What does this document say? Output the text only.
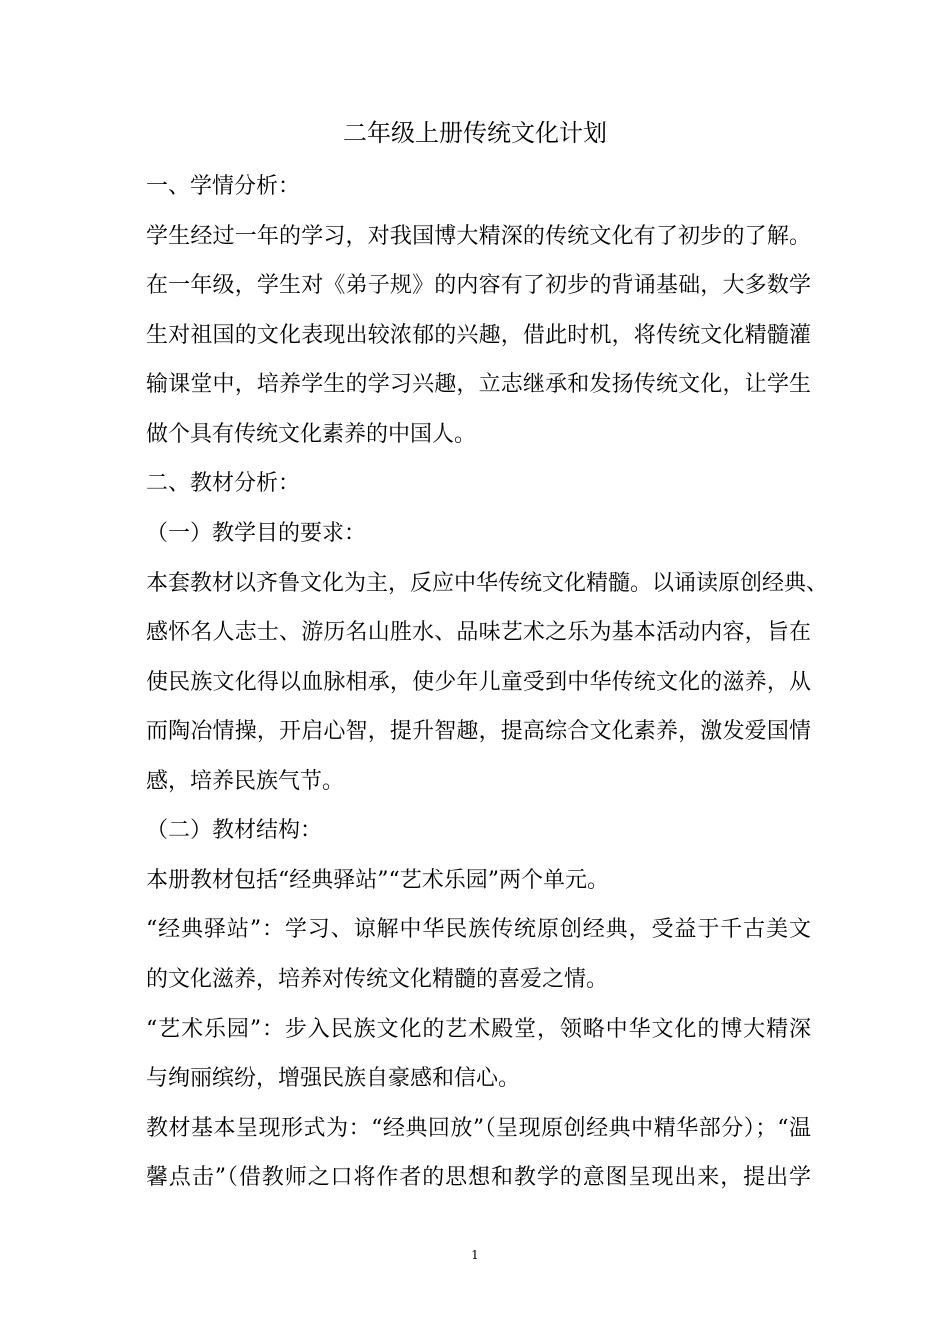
二年级上册传统文化计划
一、学情分析：
学生经过一年的学习，对我国博大精深的传统文化有了初步的了解。
在一年级，学生对《弟子规》的内容有了初步的背诵基础，大多数学
生对祖国的文化表现出较浓郁的兴趣，借此时机，将传统文化精髓灌
输课堂中，培养学生的学习兴趣，立志继承和发扬传统文化，让学生
做个具有传统文化素养的中国人。
二、教材分析：
（一）教学目的要求：
本套教材以齐鲁文化为主，反应中华传统文化精髓。以诵读原创经典、
感怀名人志士、游历名山胜水、品味艺术之乐为基本活动内容，旨在
使民族文化得以血脉相承，使少年儿童受到中华传统文化的滋养，从
而陶冶情操，开启心智，提升智趣，提高综合文化素养，激发爱国情
感，培养民族气节。
（二）教材结构：
本册教材包括“经典驿站”“艺术乐园”两个单元。
“经典驿站”：学习、谅解中华民族传统原创经典，受益于千古美文
的文化滋养，培养对传统文化精髓的喜爱之情。
“艺术乐园”：步入民族文化的艺术殿堂，领略中华文化的博大精深
与绚丽缤纷，增强民族自豪感和信心。
教材基本呈现形式为：“经典回放”（呈现原创经典中精华部分）；“温
馨点击”（借教师之口将作者的思想和教学的意图呈现出来，提出学
1
